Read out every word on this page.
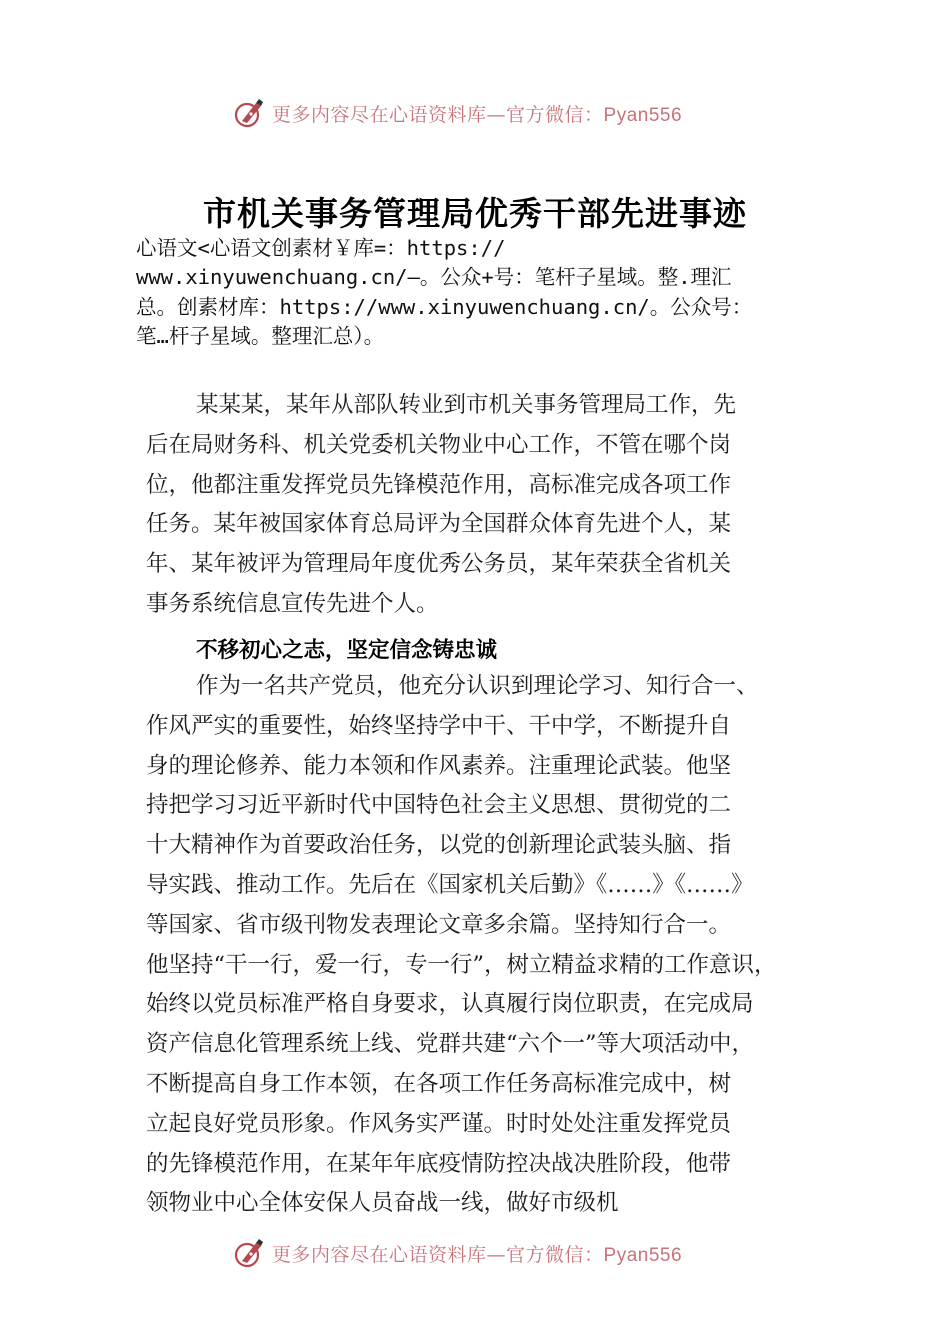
更多内容尽在心语资料库—官方微信：Pyan556
市机关事务管理局优秀干部先进事迹
心语文<心语文创素材￥库=：https://
www.xinyuwenchuang.cn/—。公众+号：笔杆子星域。整.理汇
总。创素材库：https://www.xinyuwenchuang.cn/。公众号：
笔…杆子星域。整理汇总）。
某某某，某年从部队转业到市机关事务管理局工作，先
后在局财务科、机关党委机关物业中心工作，不管在哪个岗
位，他都注重发挥党员先锋模范作用，高标准完成各项工作
任务。某年被国家体育总局评为全国群众体育先进个人，某
年、某年被评为管理局年度优秀公务员，某年荣获全省机关
事务系统信息宣传先进个人。
不移初心之志，坚定信念铸忠诚
作为一名共产党员，他充分认识到理论学习、知行合一、
作风严实的重要性，始终坚持学中干、干中学，不断提升自
身的理论修养、能力本领和作风素养。注重理论武装。他坚
持把学习习近平新时代中国特色社会主义思想、贯彻党的二
十大精神作为首要政治任务，以党的创新理论武装头脑、指
导实践、推动工作。先后在《国家机关后勤》《……》《……》
等国家、省市级刊物发表理论文章多余篇。坚持知行合一。
他坚持“干一行，爱一行，专一行”，树立精益求精的工作意识，
始终以党员标准严格自身要求，认真履行岗位职责，在完成局
资产信息化管理系统上线、党群共建“六个一”等大项活动中，
不断提高自身工作本领，在各项工作任务高标准完成中，树
立起良好党员形象。作风务实严谨。时时处处注重发挥党员
的先锋模范作用，在某年年底疫情防控决战决胜阶段，他带
领物业中心全体安保人员奋战一线，做好市级机
更多内容尽在心语资料库—官方微信：Pyan556
